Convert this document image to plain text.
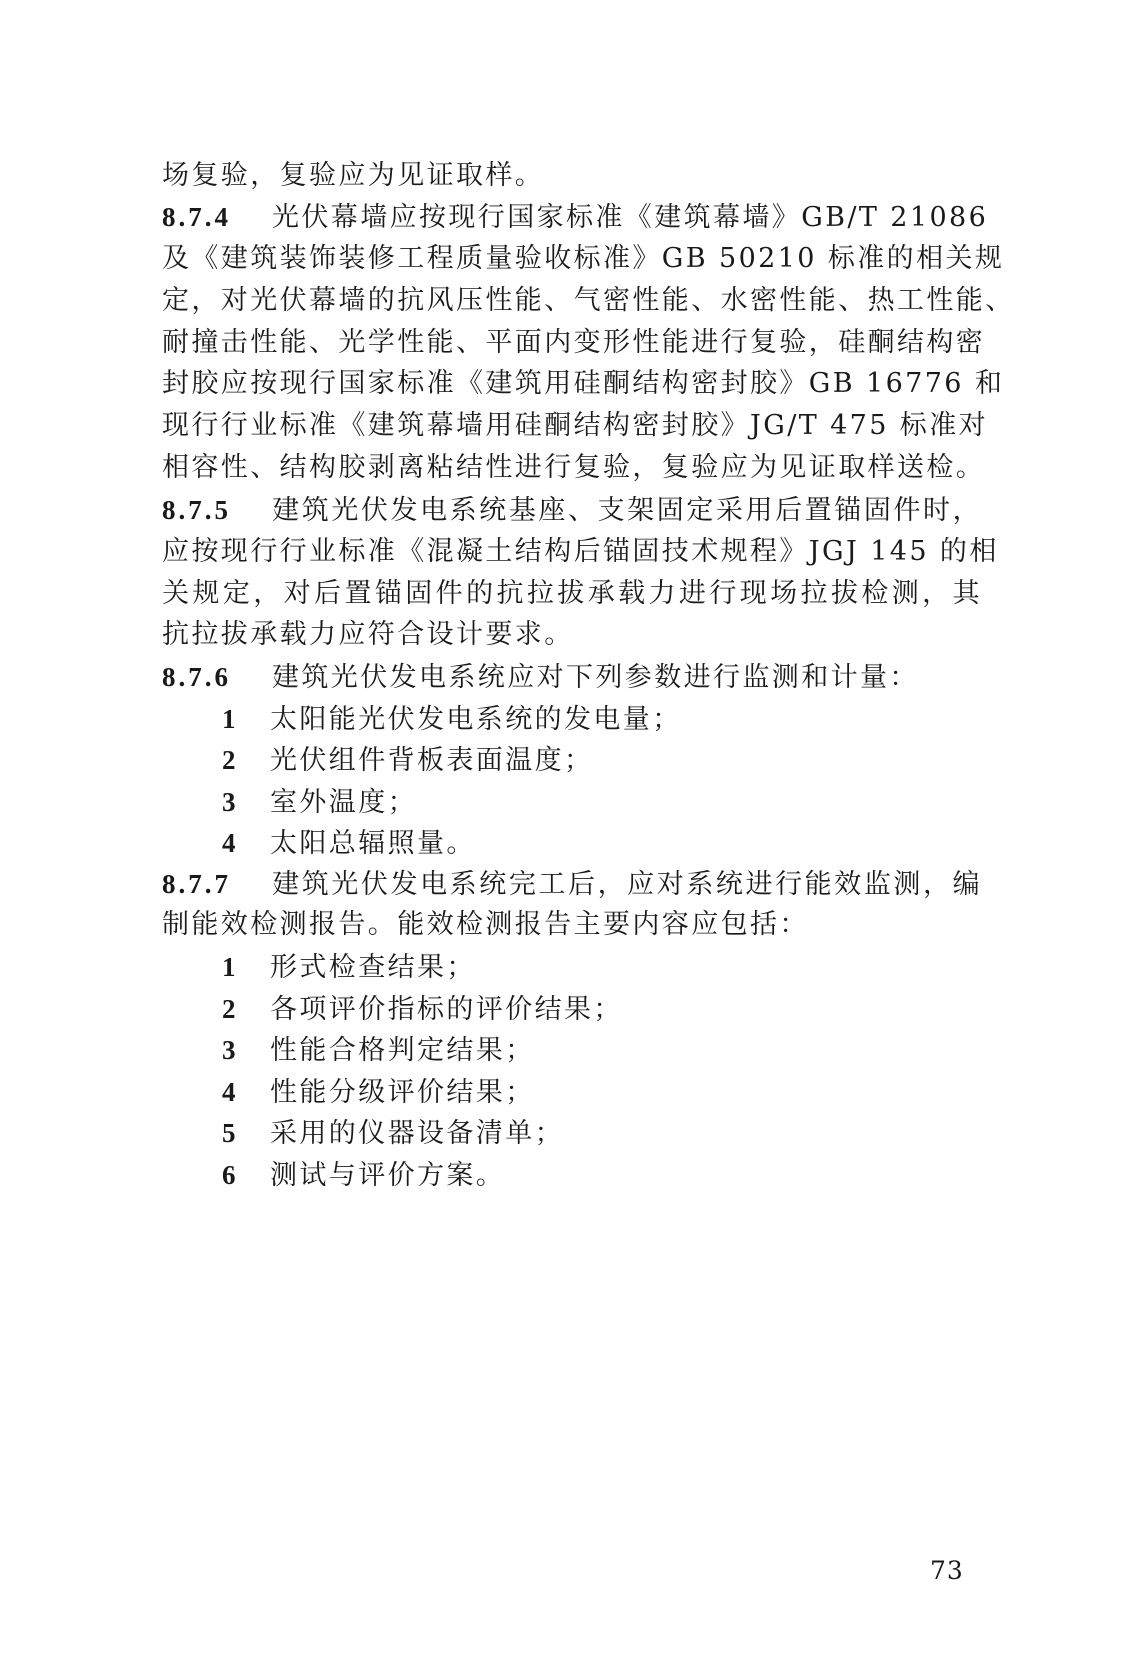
场复验，复验应为见证取样。
8.7.4 光伏幕墙应按现行国家标准《建筑幕墙》GB/T 21086
及《建筑装饰装修工程质量验收标准》GB 50210 标准的相关规
定，对光伏幕墙的抗风压性能、气密性能、水密性能、热工性能、
耐撞击性能、光学性能、平面内变形性能进行复验，硅酮结构密
封胶应按现行国家标准《建筑用硅酮结构密封胶》GB 16776 和
现行行业标准《建筑幕墙用硅酮结构密封胶》JG/T 475 标准对
相容性、结构胶剥离粘结性进行复验，复验应为见证取样送检。
8.7.5 建筑光伏发电系统基座、支架固定采用后置锚固件时，
应按现行行业标准《混凝土结构后锚固技术规程》JGJ 145 的相
关规定，对后置锚固件的抗拉拔承载力进行现场拉拔检测，其
抗拉拔承载力应符合设计要求。
8.7.6 建筑光伏发电系统应对下列参数进行监测和计量：
1 太阳能光伏发电系统的发电量；
2 光伏组件背板表面温度；
3 室外温度；
4 太阳总辐照量。
8.7.7 建筑光伏发电系统完工后，应对系统进行能效监测，编
制能效检测报告。能效检测报告主要内容应包括：
1 形式检查结果；
2 各项评价指标的评价结果；
3 性能合格判定结果；
4 性能分级评价结果；
5 采用的仪器设备清单；
6 测试与评价方案。
73
